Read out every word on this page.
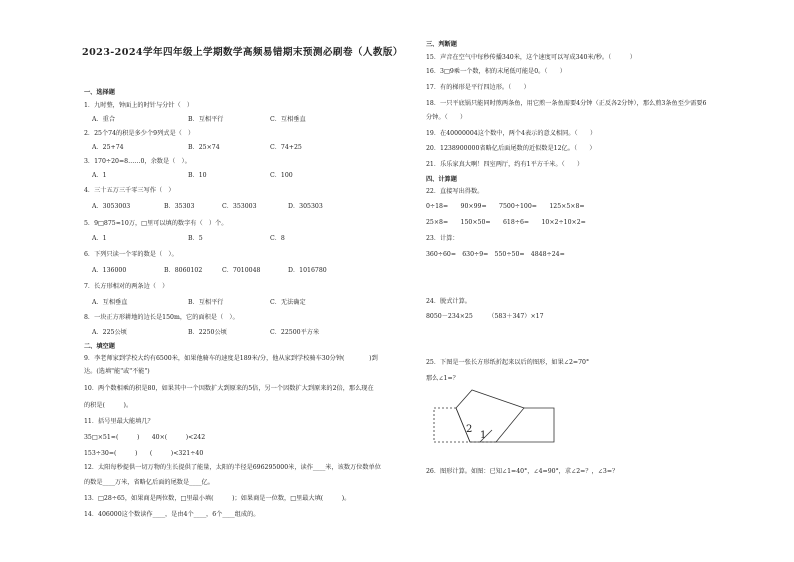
2023-2024学年四年级上学期数学高频易错期末预测必刷卷（人教版）
一、选择题
1．九时整，钟面上的时针与分针（　）
A．重合	B．互相平行	C．互相垂直
2．25个74的积是多少个9列式是（　）
A．25+74	B．25×74	C．74+25
3．170÷20=8……0，余数是（　）。
A．1	B．10	C．100
4．三十五万三千零三写作（　）
A．3053003	B．35303	C．353003	D．305303
5．9□875≈10万，□里可以填的数字有（　）个。
A．1	B．5	C．8
6．下列只读一个零的数是（　）。
A．136000	B．8060102	C．7010048	D．1016780
7．长方形相对的两条边（　）
A．互相垂直	B．互相平行	C．无法确定
8．一块正方形耕地的边长是150m，它的面积是（　）。
A．225公顷	B．2250公顷	C．22500平方米
二、填空题
9．李老师家到学校大约有6500米，如果他骑车的速度是189米/分，他从家到学校骑车30分钟(　　　　)到
达。(选填"能"或"不能")
10．两个数相乘的积是80，如果其中一个因数扩大到原来的5倍，另一个因数扩大到原来的2倍，那么现在
的积是(　　　)。
11．括号里最大能填几？
35□×51≈(　　　)　　40×(　　　)<242
153÷30=(　　　)　　(　　　)<321÷40
12．太阳每秒提供一切万物的生长提供了能量，太阳的半径是696295000米，读作____米，该数万位数单位
的数是____万米，省略亿后面的尾数是____亿。
13．□28÷65，如果商是两位数，□里最小填(　　　)；如果商是一位数，□里最大填(　　　)。
14．406000这个数读作____，是由4个____，6个____组成的。
三、判断题
15．声音在空气中每秒传播340米，这个速度可以写成340米/秒。（　　　）
16．3□9乘一个数，积的末尾低可能是0。（　　）
17．有的梯形是平行四边形。（　　）
18．一只平底锅只能同时煎两条鱼，用它煎一条鱼需要4分钟（正反各2分钟），那么煎3条鱼至少需要6
分钟。（　　）
19．在40000004这个数中，两个4表示的意义相同。（　　）
20．1238900000省略亿后面尾数的近似数是12亿。（　　）
21．乐乐家真大啊！四室两厅，约有1平方千米。（　　）
四、计算题
22．直接写出得数。
0÷18=　　90×99=　　7500÷100=　　125×5×8=
25×8=　　150×50=　　618÷6=　　10×2÷10×2=
23．计算：
360÷60=　630÷9=　550÷50=　4848÷24=
24．脱式计算。
8050－234×25　　　（583＋347）×17
25．下图是一张长方形纸折起来以后的图形，如果∠2=70°
那么∠1=？
2
1
26．图形计算。如图：已知∠1=40°，∠4=90°，求∠2=？，∠3=？
